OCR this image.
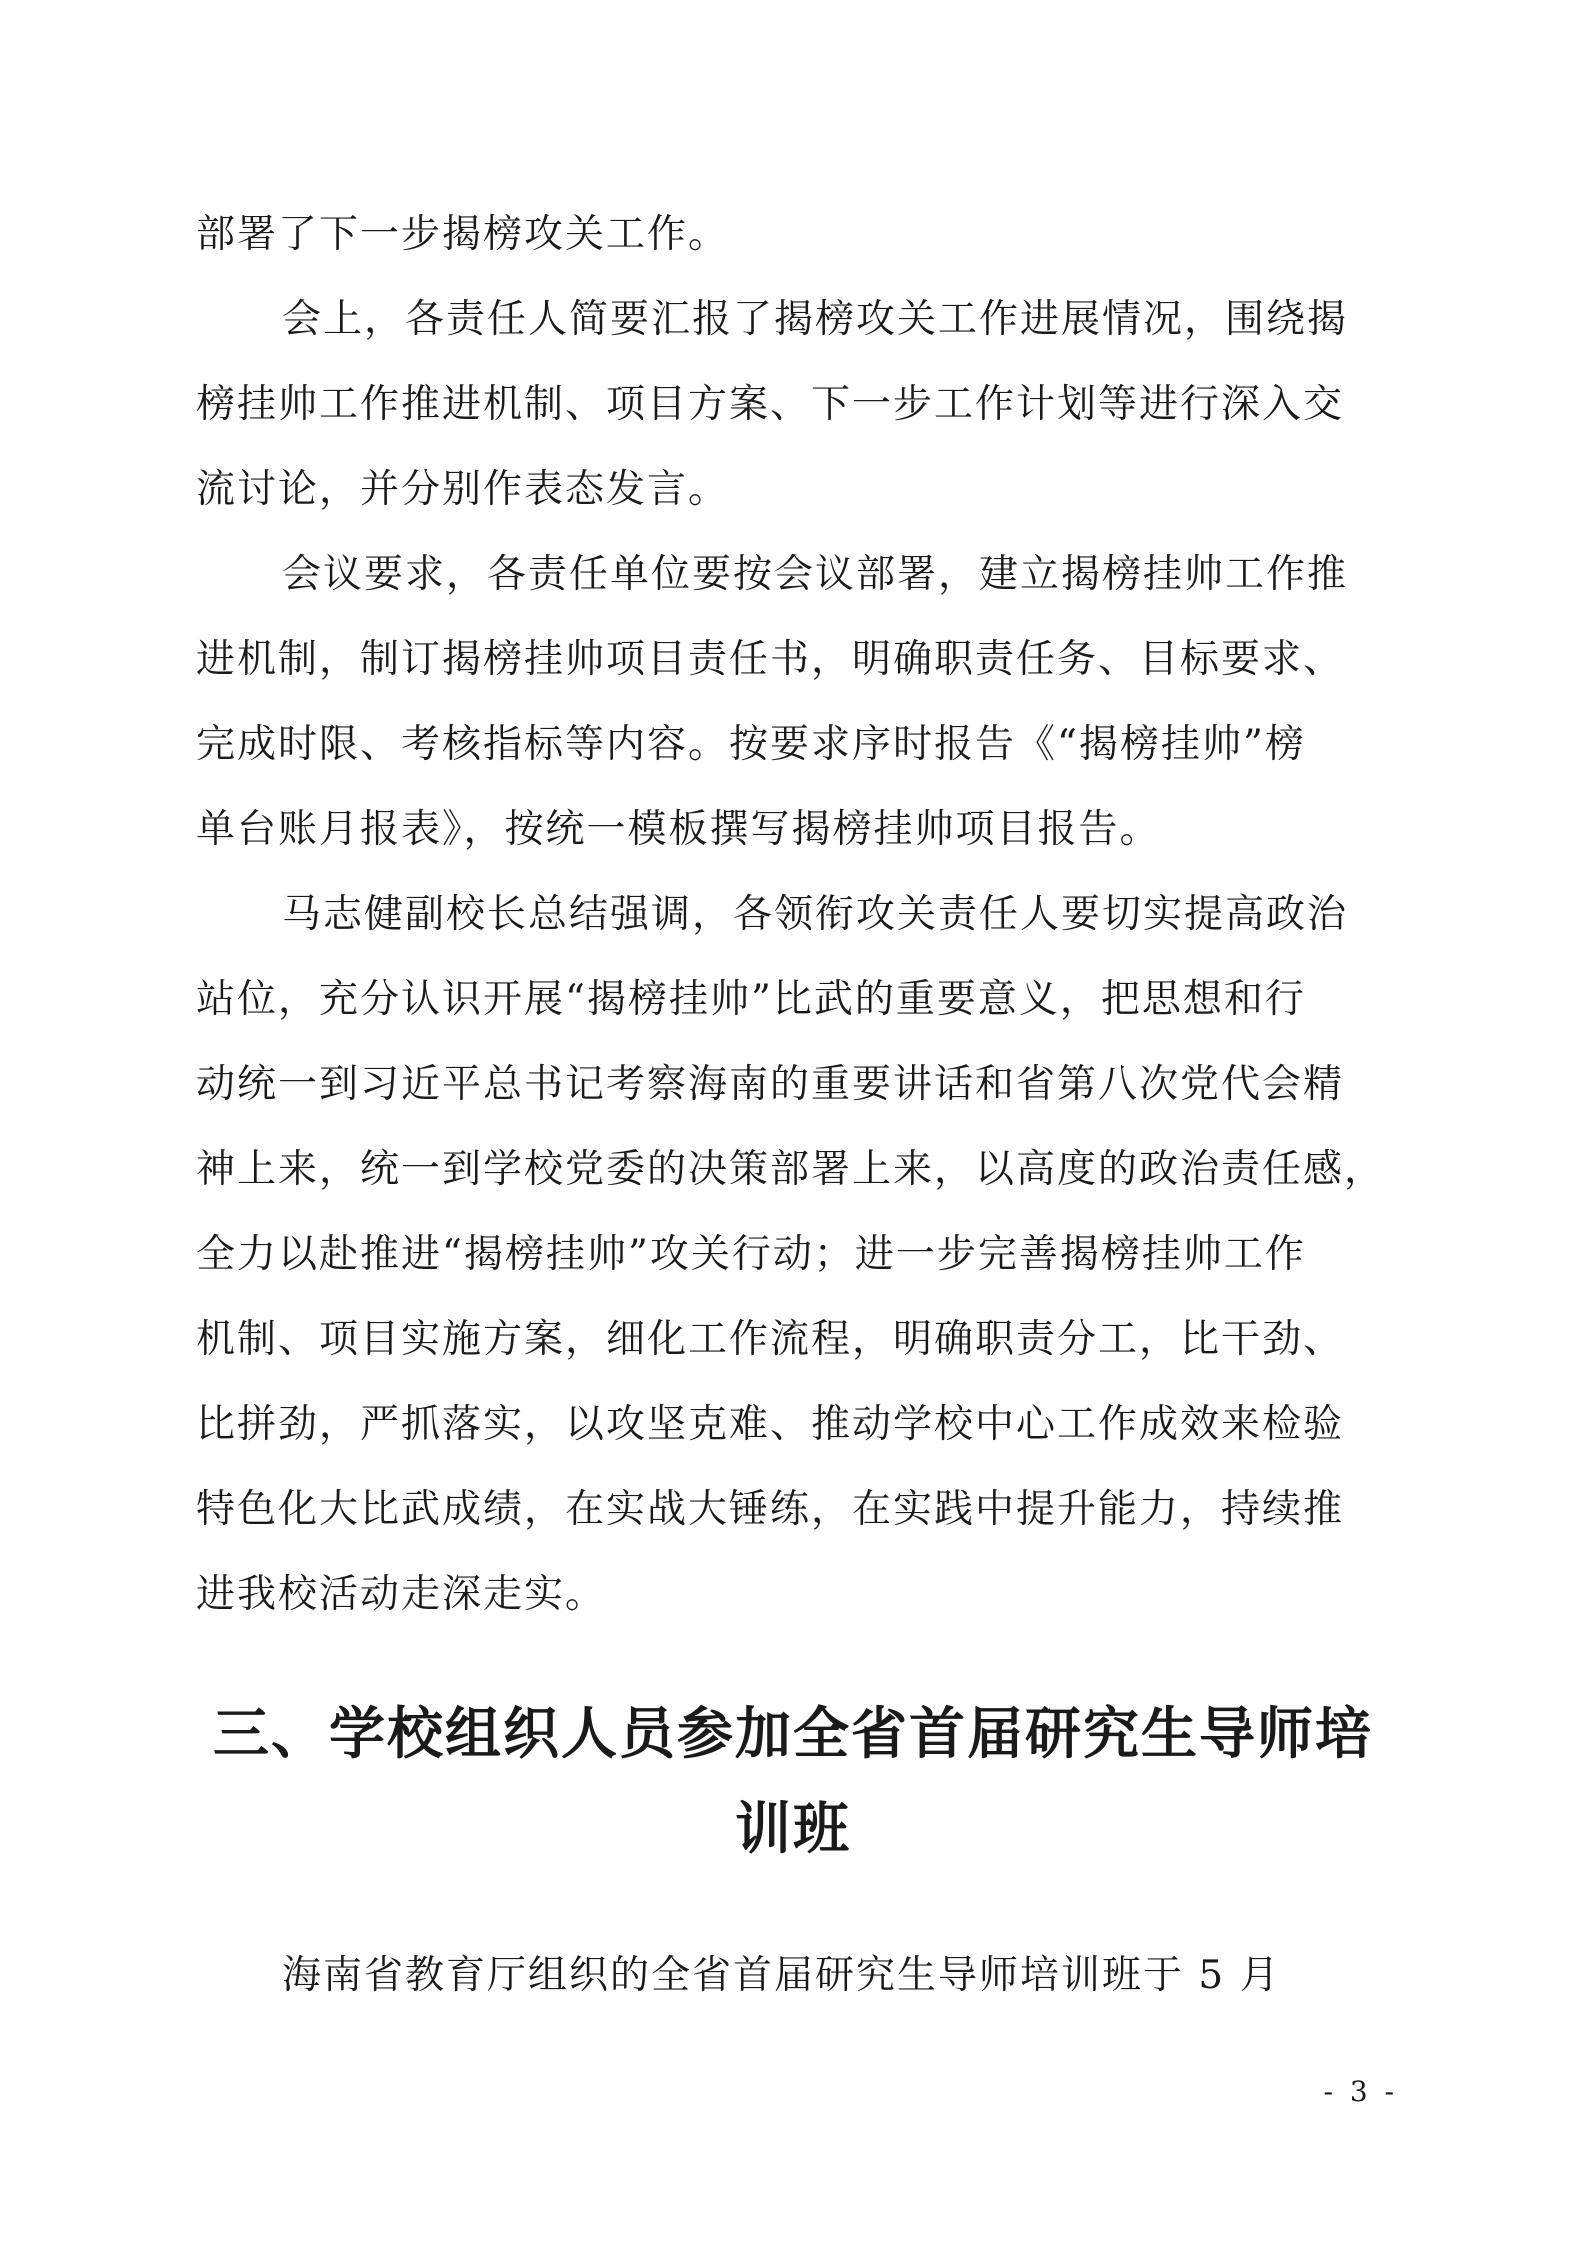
部署了下一步揭榜攻关工作。
会上，各责任人简要汇报了揭榜攻关工作进展情况，围绕揭
榜挂帅工作推进机制、项目方案、下一步工作计划等进行深入交
流讨论，并分别作表态发言。
会议要求，各责任单位要按会议部署，建立揭榜挂帅工作推
进机制，制订揭榜挂帅项目责任书，明确职责任务、目标要求、
完成时限、考核指标等内容。按要求序时报告《“揭榜挂帅”榜
单台账月报表》，按统一模板撰写揭榜挂帅项目报告。
马志健副校长总结强调，各领衔攻关责任人要切实提高政治
站位，充分认识开展“揭榜挂帅”比武的重要意义，把思想和行
动统一到习近平总书记考察海南的重要讲话和省第八次党代会精
神上来，统一到学校党委的决策部署上来，以高度的政治责任感，
全力以赴推进“揭榜挂帅”攻关行动；进一步完善揭榜挂帅工作
机制、项目实施方案，细化工作流程，明确职责分工，比干劲、
比拼劲，严抓落实，以攻坚克难、推动学校中心工作成效来检验
特色化大比武成绩，在实战大锤练，在实践中提升能力，持续推
进我校活动走深走实。
三、学校组织人员参加全省首届研究生导师培
训班
海南省教育厅组织的全省首届研究生导师培训班于 5 月
- 3 -
